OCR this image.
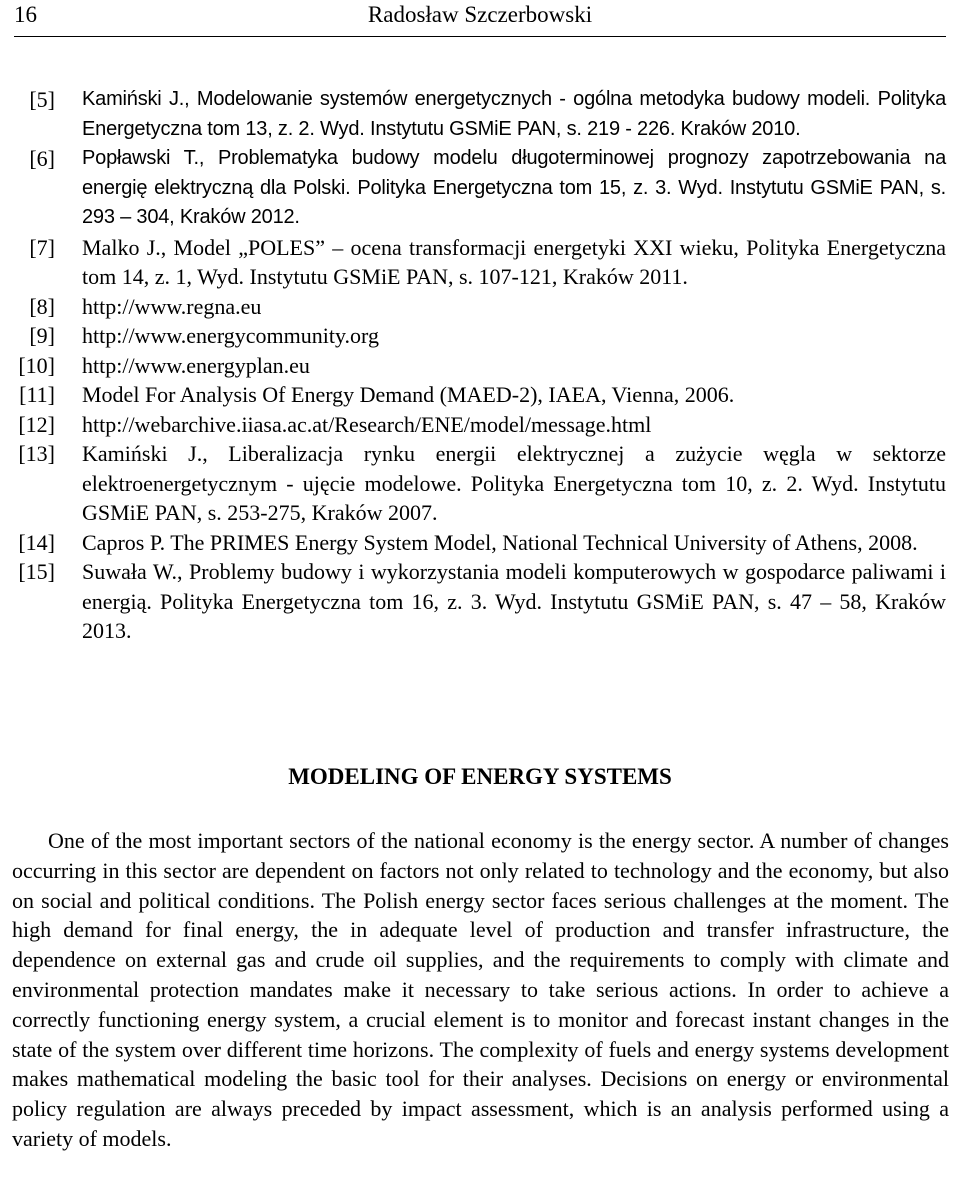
16	Radosław Szczerbowski
[5] Kamiński J., Modelowanie systemów energetycznych - ogólna metodyka budowy modeli. Polityka Energetyczna tom 13, z. 2. Wyd. Instytutu GSMiE PAN, s. 219 - 226. Kraków 2010.
[6] Popławski T., Problematyka budowy modelu długoterminowej prognozy zapotrzebowania na energię elektryczną dla Polski. Polityka Energetyczna tom 15, z. 3. Wyd. Instytutu GSMiE PAN, s. 293 – 304, Kraków 2012.
[7] Malko J., Model „POLES” – ocena transformacji energetyki XXI wieku, Polityka Energetyczna tom 14, z. 1, Wyd. Instytutu GSMiE PAN, s. 107-121, Kraków 2011.
[8] http://www.regna.eu
[9] http://www.energycommunity.org
[10] http://www.energyplan.eu
[11] Model For Analysis Of Energy Demand (MAED-2), IAEA, Vienna, 2006.
[12] http://webarchive.iiasa.ac.at/Research/ENE/model/message.html
[13] Kamiński J., Liberalizacja rynku energii elektrycznej a zużycie węgla w sektorze elektroenergetycznym - ujęcie modelowe. Polityka Energetyczna tom 10, z. 2. Wyd. Instytutu GSMiE PAN, s. 253-275, Kraków 2007.
[14] Capros P. The PRIMES Energy System Model, National Technical University of Athens, 2008.
[15] Suwała W., Problemy budowy i wykorzystania modeli komputerowych w gospodarce paliwami i energią. Polityka Energetyczna tom 16, z. 3. Wyd. Instytutu GSMiE PAN, s. 47 – 58, Kraków 2013.
MODELING OF ENERGY SYSTEMS
One of the most important sectors of the national economy is the energy sector. A number of changes occurring in this sector are dependent on factors not only related to technology and the economy, but also on social and political conditions. The Polish energy sector faces serious challenges at the moment. The high demand for final energy, the in adequate level of production and transfer infrastructure, the dependence on external gas and crude oil supplies, and the requirements to comply with climate and environmental protection mandates make it necessary to take serious actions. In order to achieve a correctly functioning energy system, a crucial element is to monitor and forecast instant changes in the state of the system over different time horizons. The complexity of fuels and energy systems development makes mathematical modeling the basic tool for their analyses. Decisions on energy or environmental policy regulation are always preceded by impact assessment, which is an analysis performed using a variety of models.
